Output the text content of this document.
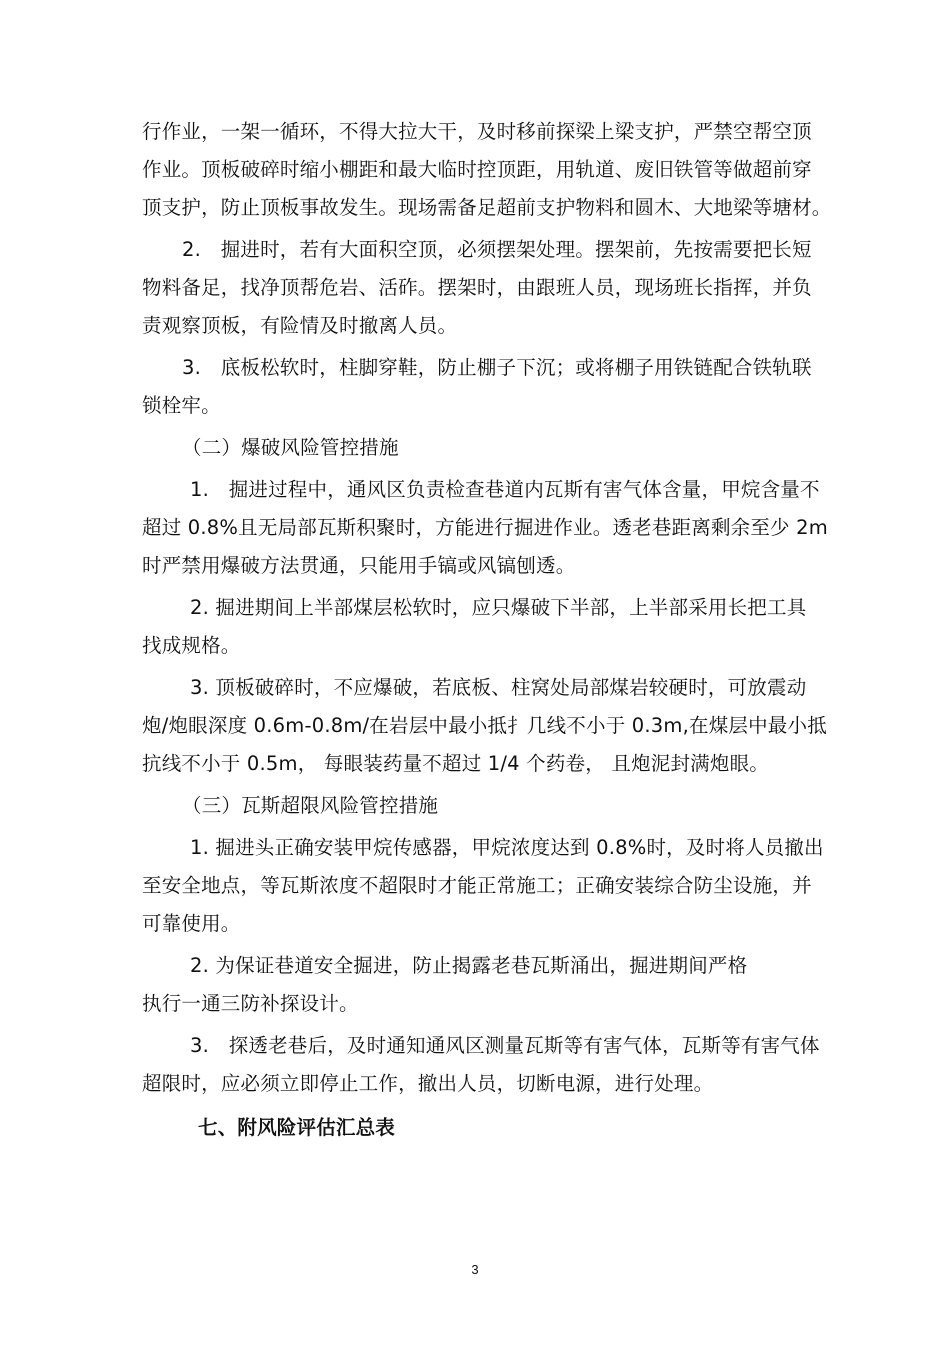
行作业，一架一循环，不得大拉大干，及时移前探梁上梁支护，严禁空帮空顶
作业。顶板破碎时缩小棚距和最大临时控顶距，用轨道、废旧铁管等做超前穿
顶支护，防止顶板事故发生。现场需备足超前支护物料和圆木、大地梁等塘材。
2.　掘进时，若有大面积空顶，必须摆架处理。摆架前，先按需要把长短
物料备足，找净顶帮危岩、活砟。摆架时，由跟班人员，现场班长指挥，并负
责观察顶板，有险情及时撤离人员。
3.　底板松软时，柱脚穿鞋，防止棚子下沉；或将棚子用铁链配合铁轨联
锁栓牢。
（二）爆破风险管控措施
1.　掘进过程中，通风区负责检查巷道内瓦斯有害气体含量，甲烷含量不
超过 0.8%且无局部瓦斯积聚时，方能进行掘进作业。透老巷距离剩余至少 2m
时严禁用爆破方法贯通，只能用手镐或风镐刨透。
2. 掘进期间上半部煤层松软时，应只爆破下半部，上半部采用长把工具
找成规格。
3. 顶板破碎时，不应爆破，若底板、柱窝处局部煤岩较硬时，可放震动
炮/炮眼深度 0.6m-0.8m/在岩层中最小抵扌几线不小于 0.3m,在煤层中最小抵
抗线不小于 0.5m， 每眼装药量不超过 1/4 个药卷， 且炮泥封满炮眼。
（三）瓦斯超限风险管控措施
1. 掘进头正确安装甲烷传感器，甲烷浓度达到 0.8%时，及时将人员撤出
至安全地点，等瓦斯浓度不超限时才能正常施工；正确安装综合防尘设施，并
可靠使用。
2. 为保证巷道安全掘进，防止揭露老巷瓦斯涌出，掘进期间严格
执行一通三防补探设计。
3.　探透老巷后，及时通知通风区测量瓦斯等有害气体，瓦斯等有害气体
超限时，应必须立即停止工作，撤出人员，切断电源，进行处理。
七、附风险评估汇总表
3
